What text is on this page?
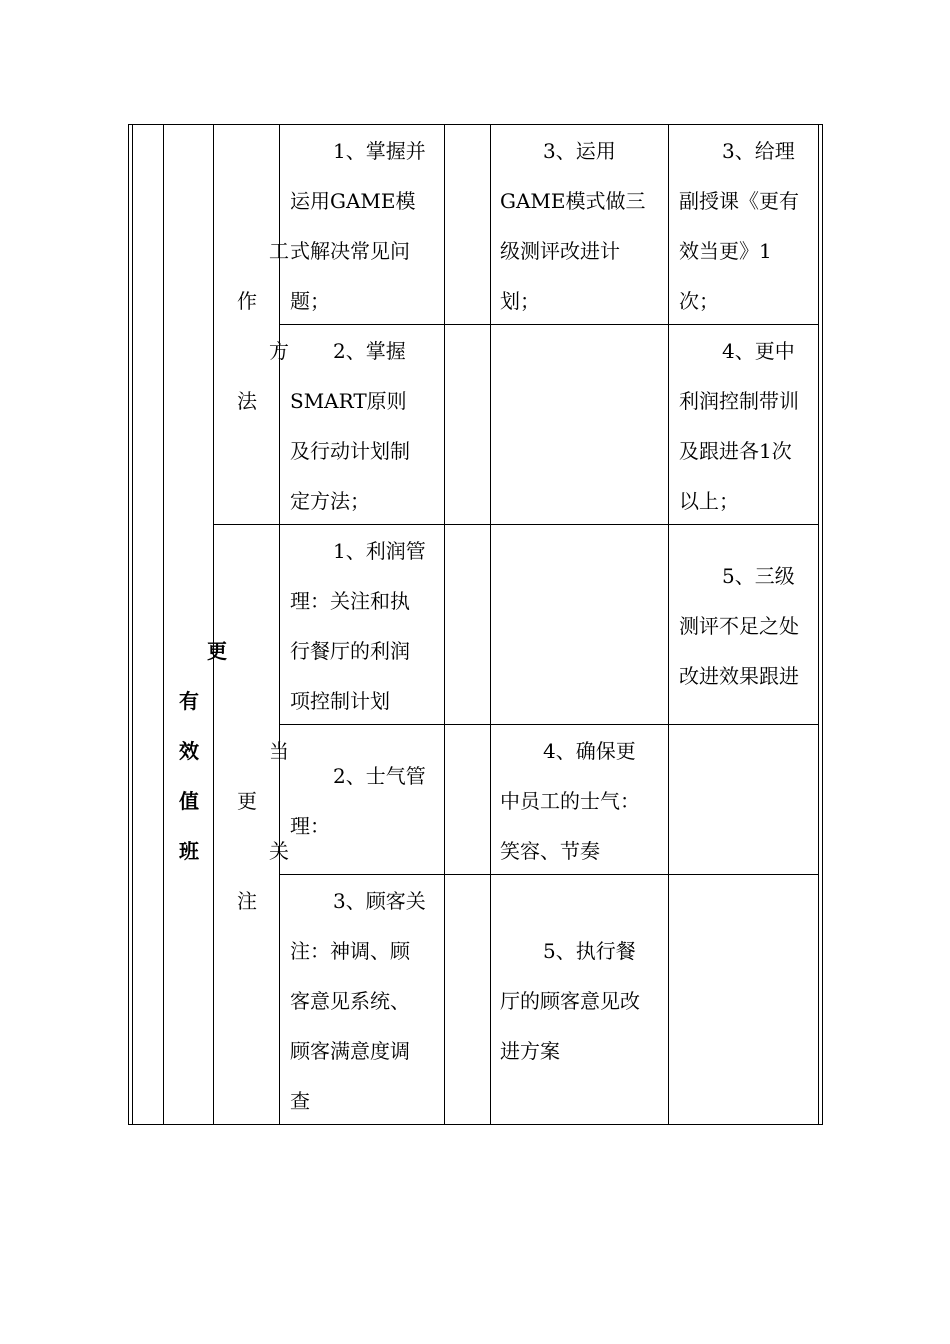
更
有
效
值
班
工
作
方
法
更
当
关
注
1、掌握并
运用GAME模
式解决常见问
题；
3、运用
GAME模式做三
级测评改进计
划；
3、给理
副授课《更有
效当更》1
次；
2、掌握
SMART原则
及行动计划制
定方法；
4、更中
利润控制带训
及跟进各1次
以上；
1、利润管
理：关注和执
行餐厅的利润
项控制计划
5、三级
测评不足之处
改进效果跟进
2、士气管
理：
4、确保更
中员工的士气：
笑容、节奏
3、顾客关
注：神调、顾
客意见系统、
顾客满意度调
查
5、执行餐
厅的顾客意见改
进方案
